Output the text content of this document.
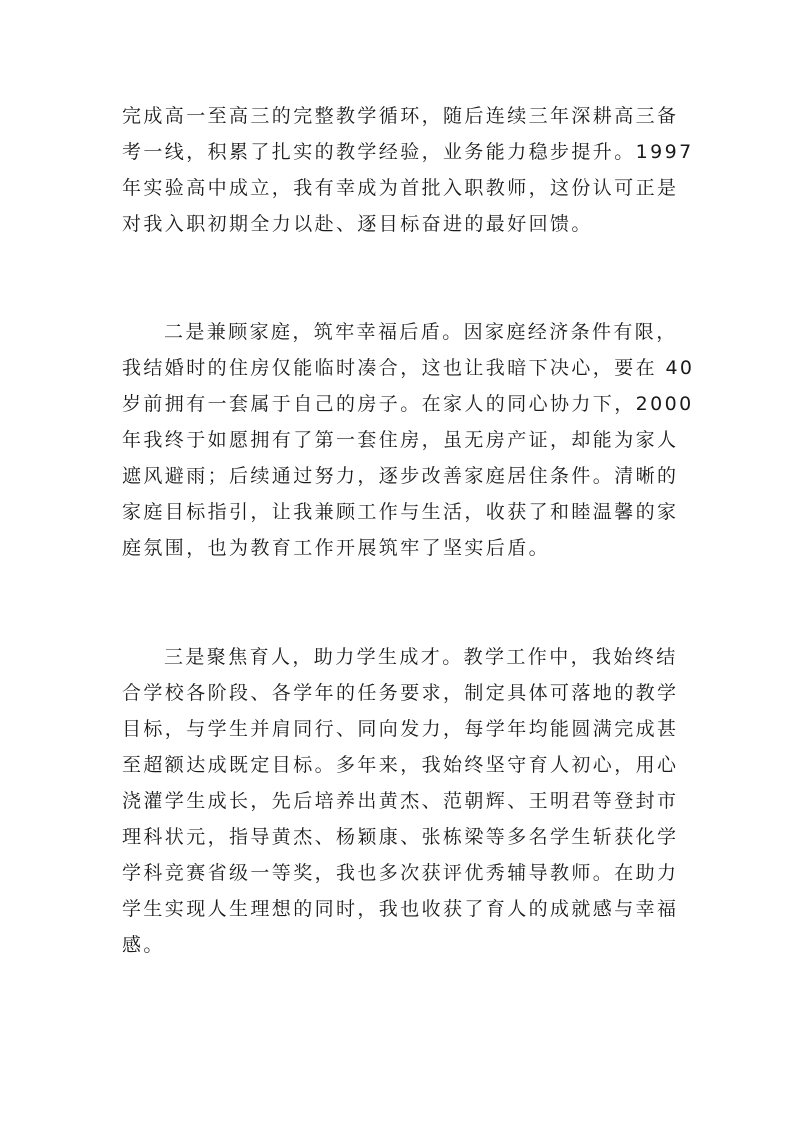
完成高一至高三的完整教学循环，随后连续三年深耕高三备
考一线，积累了扎实的教学经验，业务能力稳步提升。1997
年实验高中成立，我有幸成为首批入职教师，这份认可正是
对我入职初期全力以赴、逐目标奋进的最好回馈。
二是兼顾家庭，筑牢幸福后盾。因家庭经济条件有限，
我结婚时的住房仅能临时凑合，这也让我暗下决心，要在 40
岁前拥有一套属于自己的房子。在家人的同心协力下，2000
年我终于如愿拥有了第一套住房，虽无房产证，却能为家人
遮风避雨；后续通过努力，逐步改善家庭居住条件。清晰的
家庭目标指引，让我兼顾工作与生活，收获了和睦温馨的家
庭氛围，也为教育工作开展筑牢了坚实后盾。
三是聚焦育人，助力学生成才。教学工作中，我始终结
合学校各阶段、各学年的任务要求，制定具体可落地的教学
目标，与学生并肩同行、同向发力，每学年均能圆满完成甚
至超额达成既定目标。多年来，我始终坚守育人初心，用心
浇灌学生成长，先后培养出黄杰、范朝辉、王明君等登封市
理科状元，指导黄杰、杨颖康、张栋梁等多名学生斩获化学
学科竞赛省级一等奖，我也多次获评优秀辅导教师。在助力
学生实现人生理想的同时，我也收获了育人的成就感与幸福
感。
